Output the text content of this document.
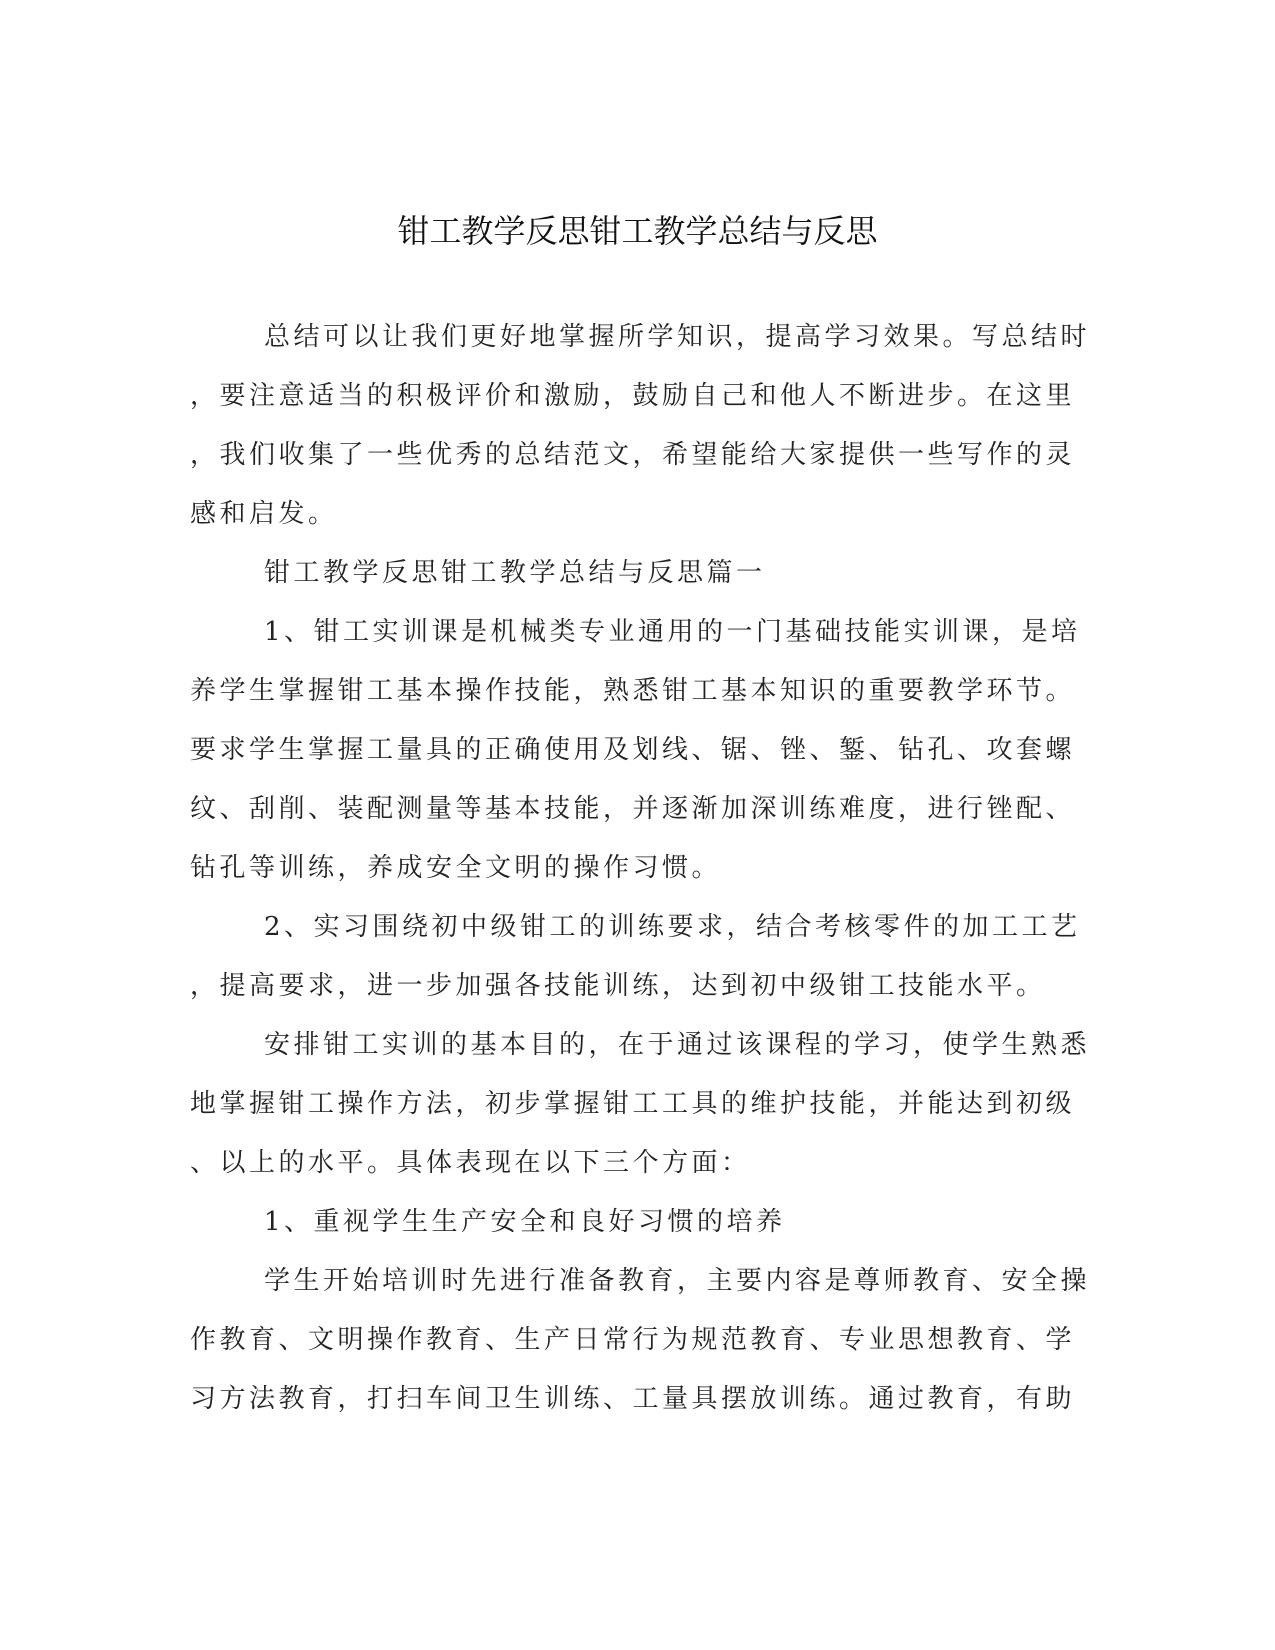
钳工教学反思钳工教学总结与反思
总结可以让我们更好地掌握所学知识，提高学习效果。写总结时
，要注意适当的积极评价和激励，鼓励自己和他人不断进步。在这里
，我们收集了一些优秀的总结范文，希望能给大家提供一些写作的灵
感和启发。
钳工教学反思钳工教学总结与反思篇一
1、钳工实训课是机械类专业通用的一门基础技能实训课，是培
养学生掌握钳工基本操作技能，熟悉钳工基本知识的重要教学环节。
要求学生掌握工量具的正确使用及划线、锯、锉、錾、钻孔、攻套螺
纹、刮削、装配测量等基本技能，并逐渐加深训练难度，进行锉配、
钻孔等训练，养成安全文明的操作习惯。
2、实习围绕初中级钳工的训练要求，结合考核零件的加工工艺
，提高要求，进一步加强各技能训练，达到初中级钳工技能水平。
安排钳工实训的基本目的，在于通过该课程的学习，使学生熟悉
地掌握钳工操作方法，初步掌握钳工工具的维护技能，并能达到初级
、以上的水平。具体表现在以下三个方面：
1、重视学生生产安全和良好习惯的培养
学生开始培训时先进行准备教育，主要内容是尊师教育、安全操
作教育、文明操作教育、生产日常行为规范教育、专业思想教育、学
习方法教育，打扫车间卫生训练、工量具摆放训练。通过教育，有助
